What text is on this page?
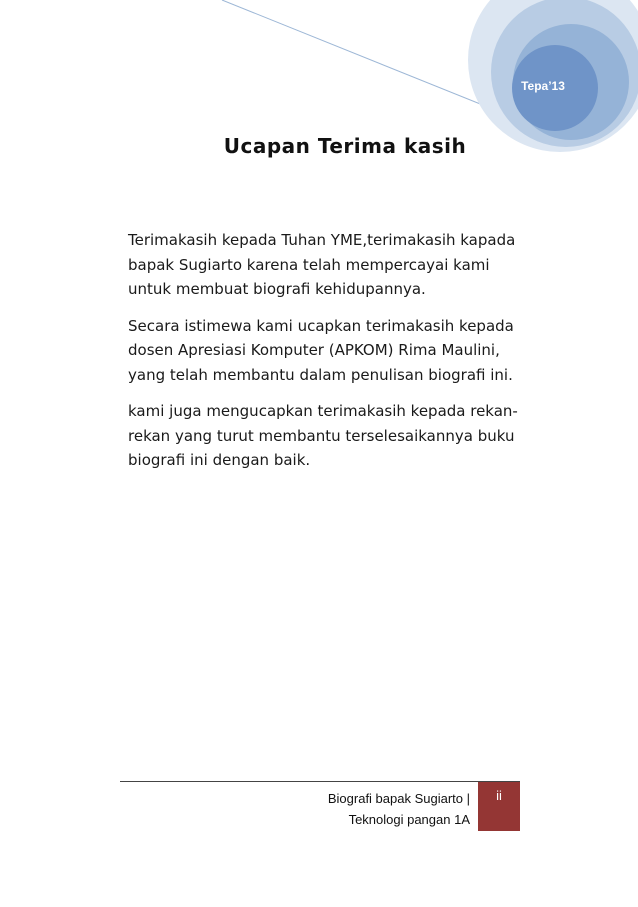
Tepa’13
Ucapan Terima kasih

Terimakasih kepada Tuhan YME,terimakasih kapada bapak Sugiarto karena telah mempercayai kami untuk membuat biografi kehidupannya.

Secara istimewa kami ucapkan terimakasih kepada dosen Apresiasi Komputer (APKOM) Rima Maulini, yang telah membantu dalam penulisan biografi ini.

kami juga mengucapkan terimakasih kepada rekan-rekan yang turut membantu terselesaikannya buku biografi ini dengan baik.

Biografi bapak Sugiarto |
Teknologi pangan 1A
ii
